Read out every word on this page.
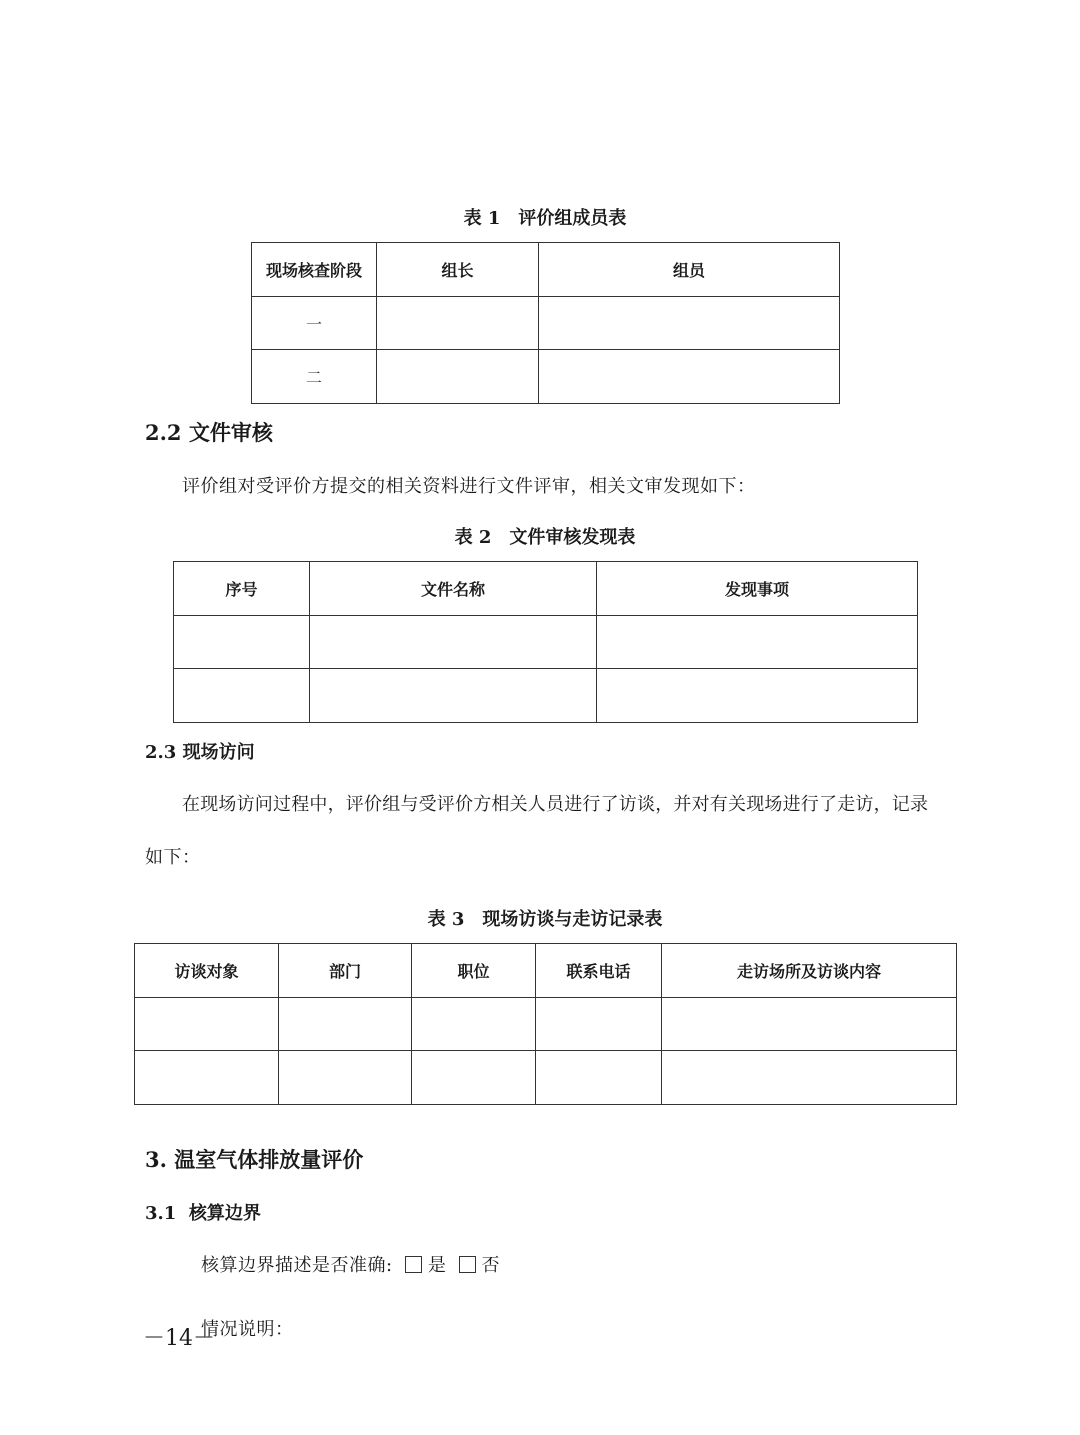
表 1　评价组成员表
现场核查阶段	组长	组员
一		
二		
2.2 文件审核
评价组对受评价方提交的相关资料进行文件评审，相关文审发现如下：
表 2　文件审核发现表
序号	文件名称	发现事项

2.3 现场访问
在现场访问过程中，评价组与受评价方相关人员进行了访谈，并对有关现场进行了走访，记录
如下：
表 3　现场访谈与走访记录表
访谈对象	部门	职位	联系电话	走访场所及访谈内容

3. 温室气体排放量评价
3.1  核算边界
核算边界描述是否准确: 是 否
情况说明：
－14－
